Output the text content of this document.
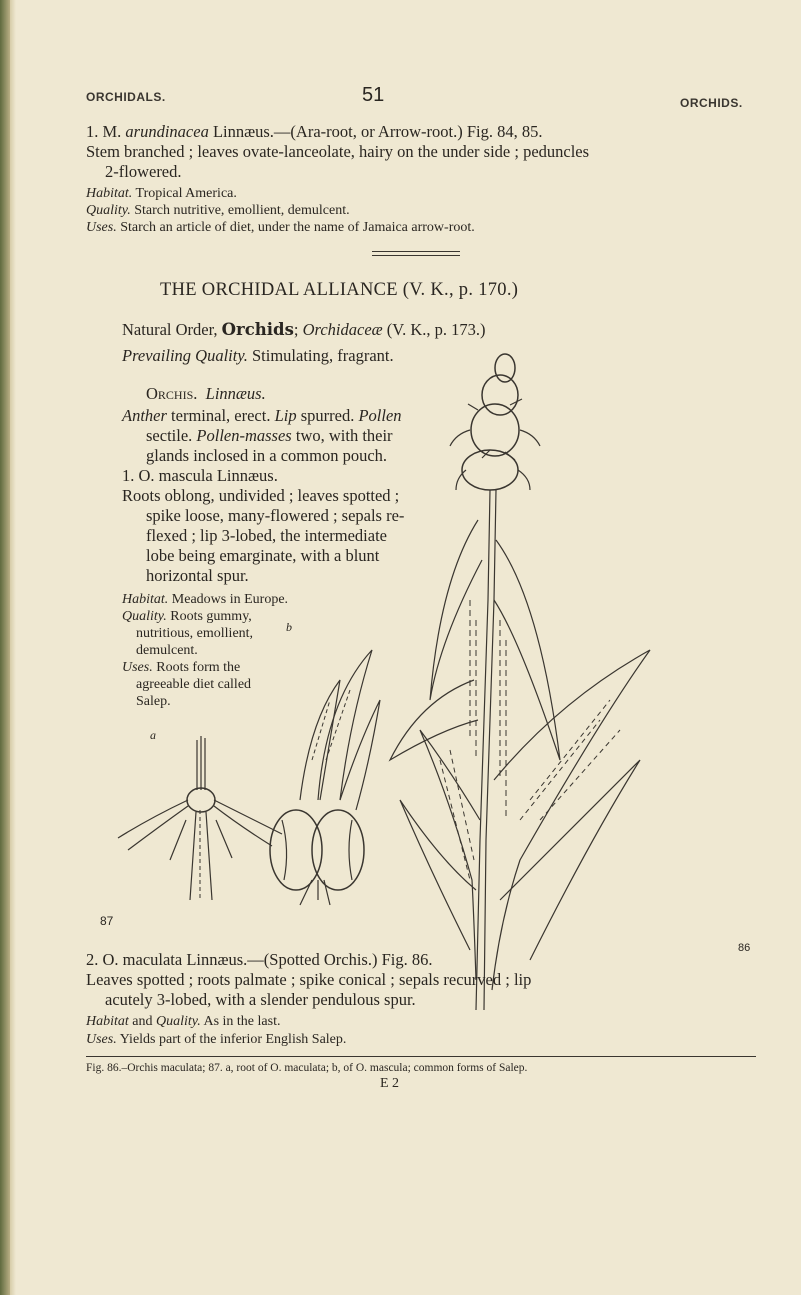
ORCHIDALS.	51	ORCHIDS.

1. M. arundinacea Linnæus.—(Ara-root, or Arrow-root.) Fig. 84, 85.

Stem branched ; leaves ovate-lanceolate, hairy on the under side ; peduncles

2-flowered.

Habitat. Tropical America.

Quality. Starch nutritive, emollient, demulcent.

Uses. Starch an article of diet, under the name of Jamaica arrow-root.

THE ORCHIDAL ALLIANCE (V. K., p. 170.)

Natural Order, Orchids; Orchidaceæ (V. K., p. 173.)

Prevailing Quality. Stimulating, fragrant.

Orchis. Linnæus.

Anther terminal, erect. Lip spurred. Pollen

sectile. Pollen-masses two, with their

glands inclosed in a common pouch.

1. O. mascula Linnæus.

Roots oblong, undivided ; leaves spotted ;

spike loose, many-flowered ; sepals re-

flexed ; lip 3-lobed, the intermediate

lobe being emarginate, with a blunt

horizontal spur.

Habitat. Meadows in Europe.

Quality. Roots gummy,

nutritious, emollient,

demulcent.

Uses. Roots form the

agreeable diet called

Salep.

a

b

87

86

2. O. maculata Linnæus.—(Spotted Orchis.) Fig. 86.

Leaves spotted ; roots palmate ; spike conical ; sepals recurved ; lip

acutely 3-lobed, with a slender pendulous spur.

Habitat and Quality. As in the last.

Uses. Yields part of the inferior English Salep.

Fig. 86.–Orchis maculata; 87. a, root of O. maculata; b, of O. mascula; common forms of Salep.

E 2
